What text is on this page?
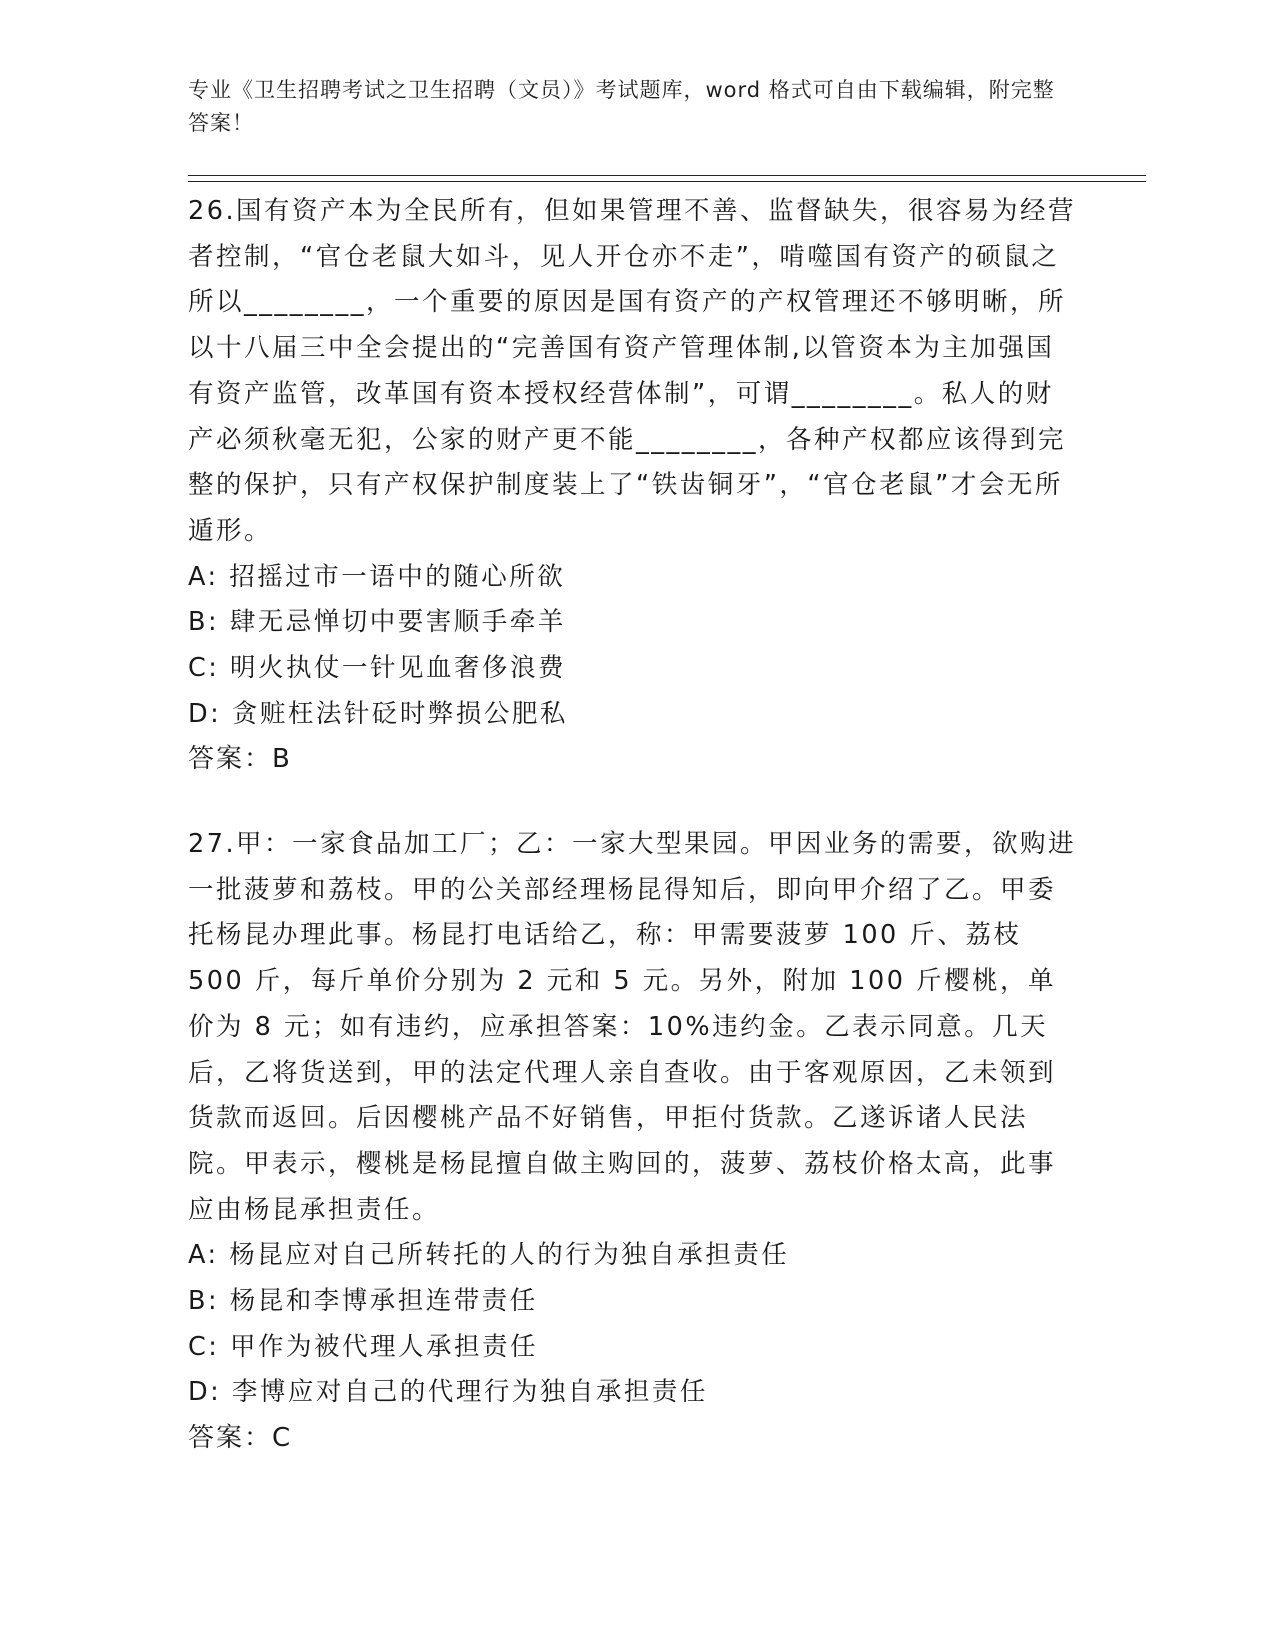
专业《卫生招聘考试之卫生招聘（文员）》考试题库，word 格式可自由下载编辑，附完整答案！

26.国有资产本为全民所有，但如果管理不善、监督缺失，很容易为经营者控制，“官仓老鼠大如斗，见人开仓亦不走”，啃噬国有资产的硕鼠之所以________，一个重要的原因是国有资产的产权管理还不够明晰，所以十八届三中全会提出的“完善国有资产管理体制,以管资本为主加强国有资产监管，改革国有资本授权经营体制”，可谓________。私人的财产必须秋毫无犯，公家的财产更不能________，各种产权都应该得到完整的保护，只有产权保护制度装上了“铁齿铜牙”，“官仓老鼠”才会无所遁形。

A: 招摇过市一语中的随心所欲

B: 肆无忌惮切中要害顺手牵羊

C: 明火执仗一针见血奢侈浪费

D: 贪赃枉法针砭时弊损公肥私

答案：B

27.甲：一家食品加工厂；乙：一家大型果园。甲因业务的需要，欲购进一批菠萝和荔枝。甲的公关部经理杨昆得知后，即向甲介绍了乙。甲委托杨昆办理此事。杨昆打电话给乙，称：甲需要菠萝 100 斤、荔枝 500 斤，每斤单价分别为 2 元和 5 元。另外，附加 100 斤樱桃，单价为 8 元；如有违约，应承担答案：10%违约金。乙表示同意。几天后，乙将货送到，甲的法定代理人亲自查收。由于客观原因，乙未领到货款而返回。后因樱桃产品不好销售，甲拒付货款。乙遂诉诸人民法院。甲表示，樱桃是杨昆擅自做主购回的，菠萝、荔枝价格太高，此事应由杨昆承担责任。

A: 杨昆应对自己所转托的人的行为独自承担责任

B: 杨昆和李博承担连带责任

C: 甲作为被代理人承担责任

D: 李博应对自己的代理行为独自承担责任

答案：C
